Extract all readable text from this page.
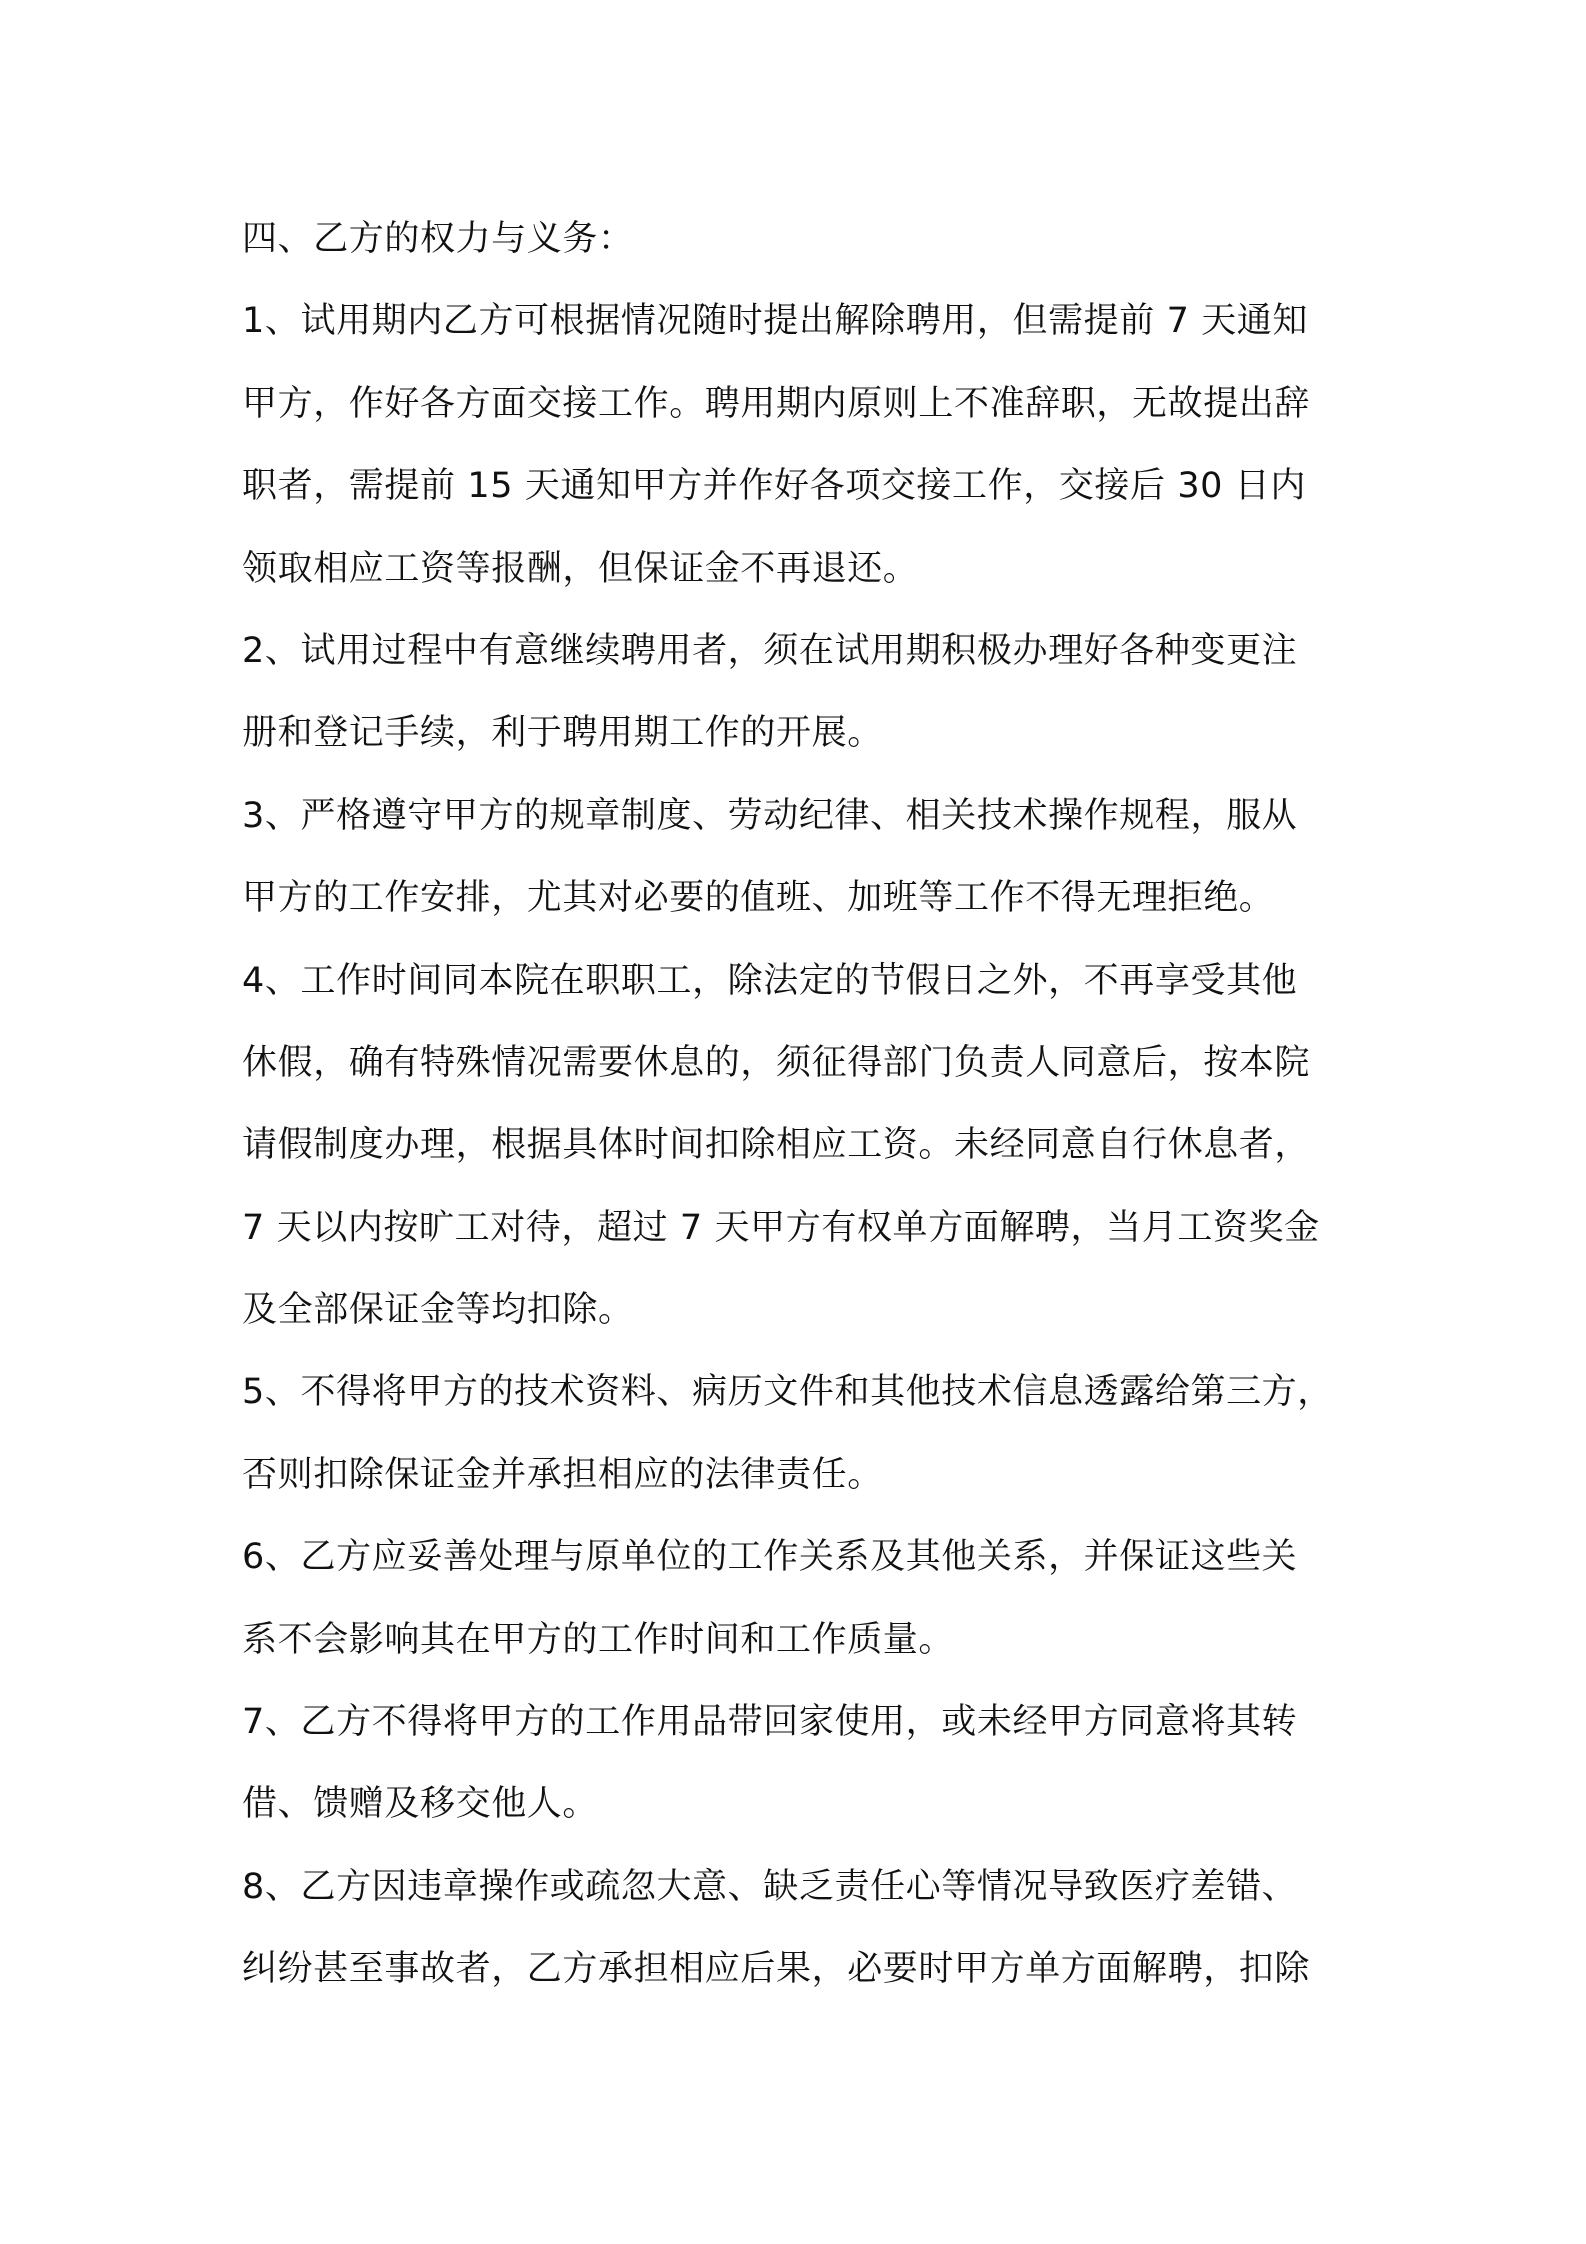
四、乙方的权力与义务：
1、试用期内乙方可根据情况随时提出解除聘用，但需提前 7 天通知
甲方，作好各方面交接工作。聘用期内原则上不准辞职，无故提出辞
职者，需提前 15 天通知甲方并作好各项交接工作，交接后 30 日内
领取相应工资等报酬，但保证金不再退还。
2、试用过程中有意继续聘用者，须在试用期积极办理好各种变更注
册和登记手续，利于聘用期工作的开展。
3、严格遵守甲方的规章制度、劳动纪律、相关技术操作规程，服从
甲方的工作安排，尤其对必要的值班、加班等工作不得无理拒绝。
4、工作时间同本院在职职工，除法定的节假日之外，不再享受其他
休假，确有特殊情况需要休息的，须征得部门负责人同意后，按本院
请假制度办理，根据具体时间扣除相应工资。未经同意自行休息者，
7 天以内按旷工对待，超过 7 天甲方有权单方面解聘，当月工资奖金
及全部保证金等均扣除。
5、不得将甲方的技术资料、病历文件和其他技术信息透露给第三方，
否则扣除保证金并承担相应的法律责任。
6、乙方应妥善处理与原单位的工作关系及其他关系，并保证这些关
系不会影响其在甲方的工作时间和工作质量。
7、乙方不得将甲方的工作用品带回家使用，或未经甲方同意将其转
借、馈赠及移交他人。
8、乙方因违章操作或疏忽大意、缺乏责任心等情况导致医疗差错、
纠纷甚至事故者，乙方承担相应后果，必要时甲方单方面解聘，扣除
